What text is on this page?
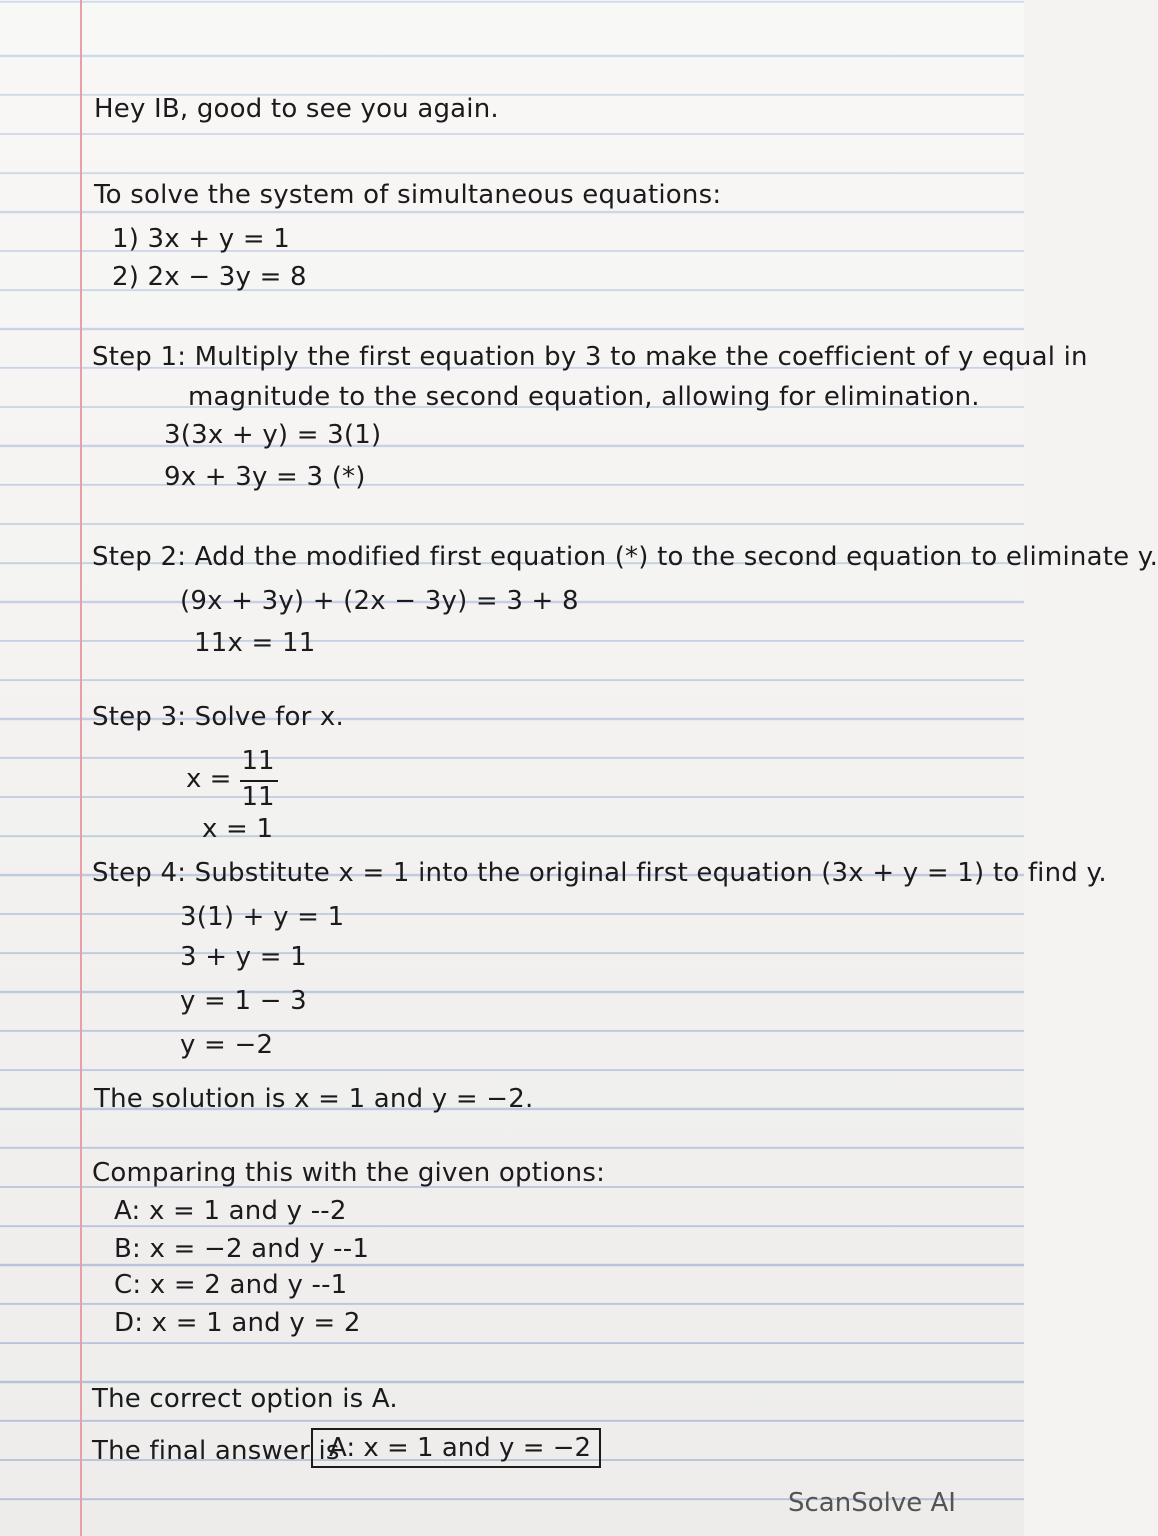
Hey IB, good to see you again.
To solve the system of simultaneous equations:
1) 3x + y = 1
2) 2x − 3y = 8
Step 1: Multiply the first equation by 3 to make the coefficient of y equal in
magnitude to the second equation, allowing for elimination.
3(3x + y) = 3(1)
9x + 3y = 3 (*)
Step 2: Add the modified first equation (*) to the second equation to eliminate y.
(9x + 3y) + (2x − 3y) = 3 + 8
11x = 11
Step 3: Solve for x.
x =
11
11
x = 1
Step 4: Substitute x = 1 into the original first equation (3x + y = 1) to find y.
3(1) + y = 1
3 + y = 1
y = 1 − 3
y = −2
The solution is x = 1 and y = −2.
Comparing this with the given options:
A: x = 1 and y --2
B: x = −2 and y --1
C: x = 2 and y --1
D: x = 1 and y = 2
The correct option is A.
The final answer is
A: x = 1 and y = −2
ScanSolve AI
